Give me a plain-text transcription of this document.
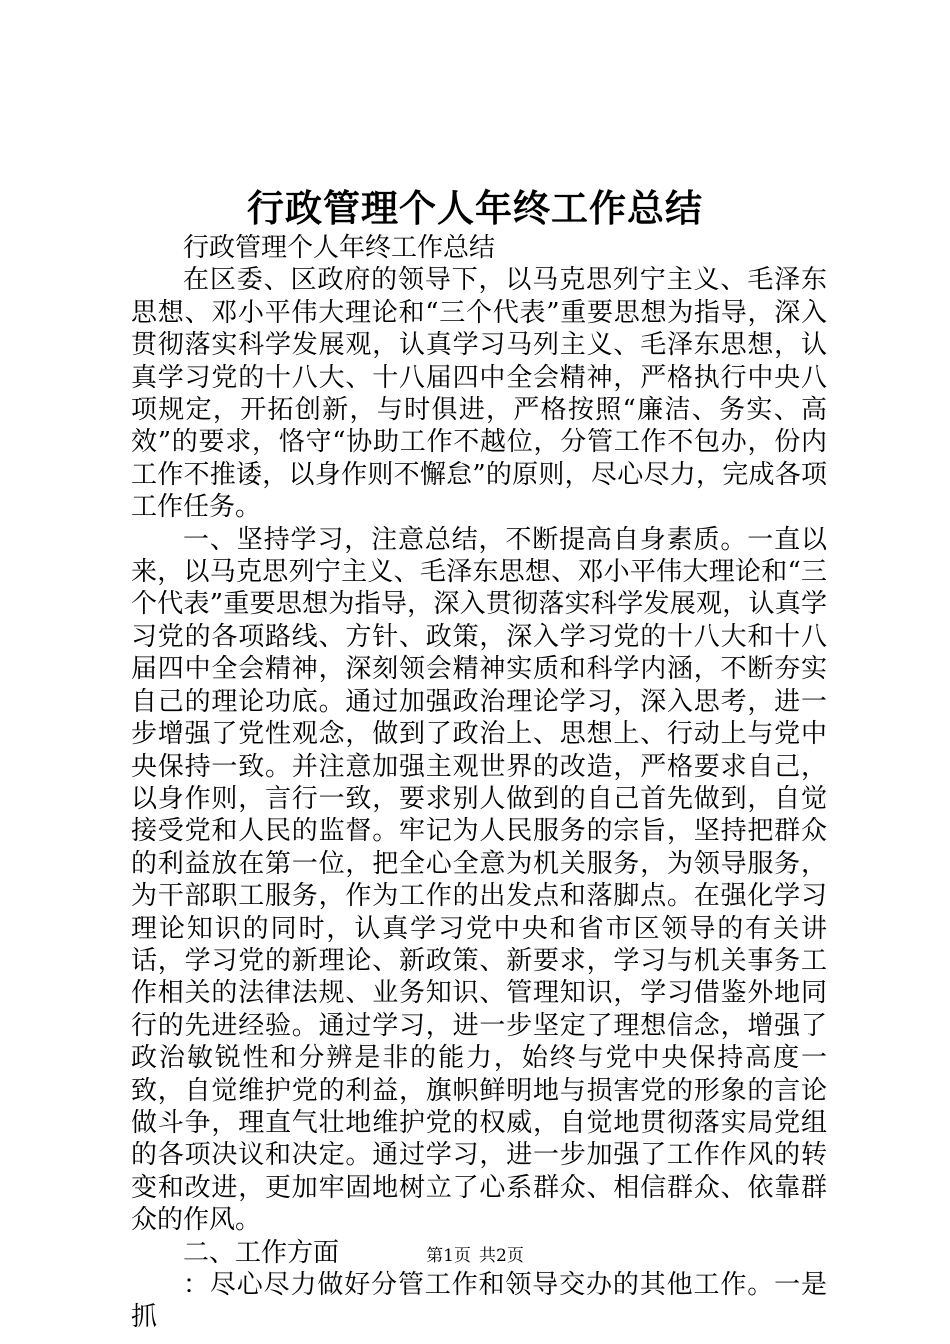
行政管理个人年终工作总结

行政管理个人年终工作总结

在区委、区政府的领导下，以马克思列宁主义、毛泽东思想、邓小平伟大理论和“三个代表”重要思想为指导，深入贯彻落实科学发展观，认真学习马列主义、毛泽东思想，认真学习党的十八大、十八届四中全会精神，严格执行中央八项规定，开拓创新，与时俱进，严格按照“廉洁、务实、高效”的要求，恪守“协助工作不越位，分管工作不包办，份内工作不推诿，以身作则不懈怠”的原则，尽心尽力，完成各项工作任务。

一、坚持学习，注意总结，不断提高自身素质。一直以来，以马克思列宁主义、毛泽东思想、邓小平伟大理论和“三个代表”重要思想为指导，深入贯彻落实科学发展观，认真学习党的各项路线、方针、政策，深入学习党的十八大和十八届四中全会精神，深刻领会精神实质和科学内涵，不断夯实自己的理论功底。通过加强政治理论学习，深入思考，进一步增强了党性观念，做到了政治上、思想上、行动上与党中央保持一致。并注意加强主观世界的改造，严格要求自己，以身作则，言行一致，要求别人做到的自己首先做到，自觉接受党和人民的监督。牢记为人民服务的宗旨，坚持把群众的利益放在第一位，把全心全意为机关服务，为领导服务，为干部职工服务，作为工作的出发点和落脚点。在强化学习理论知识的同时，认真学习党中央和省市区领导的有关讲话，学习党的新理论、新政策、新要求，学习与机关事务工作相关的法律法规、业务知识、管理知识，学习借鉴外地同行的先进经验。通过学习，进一步坚定了理想信念，增强了政治敏锐性和分辨是非的能力，始终与党中央保持高度一致，自觉维护党的利益，旗帜鲜明地与损害党的形象的言论做斗争，理直气壮地维护党的权威，自觉地贯彻落实局党组的各项决议和决定。通过学习，进一步加强了工作作风的转变和改进，更加牢固地树立了心系群众、相信群众、依靠群众的作风。

二、工作方面

：尽心尽力做好分管工作和领导交办的其他工作。一是抓

第1页 共2页
